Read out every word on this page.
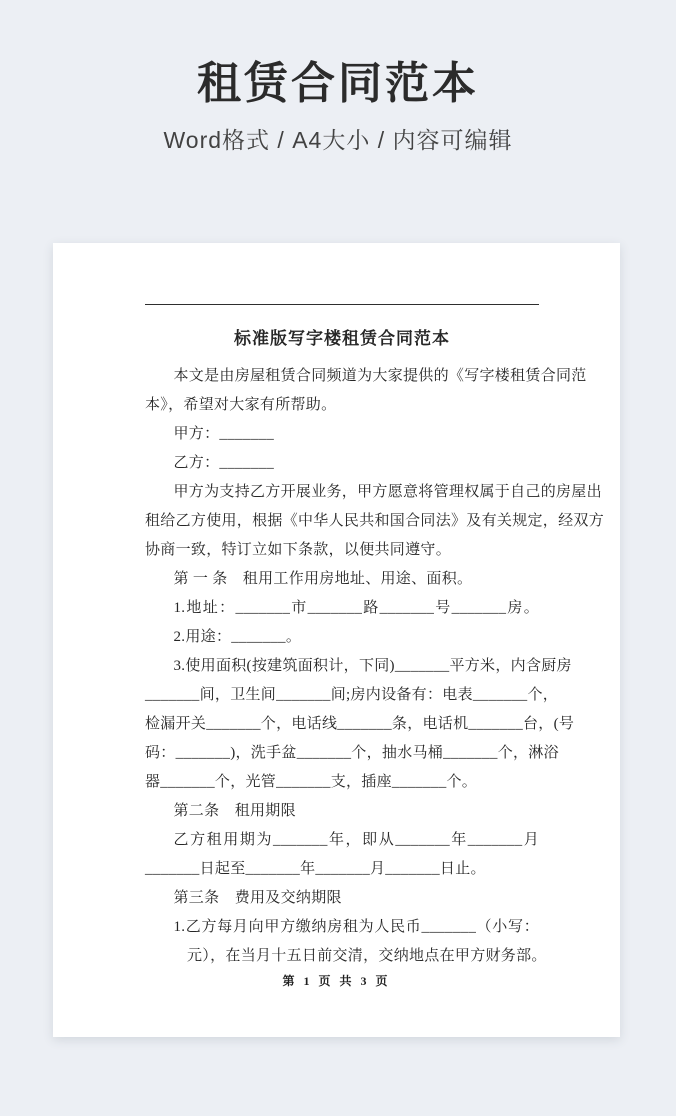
租赁合同范本
Word格式 / A4大小 / 内容可编辑
标准版写字楼租赁合同范本
本文是由房屋租赁合同频道为大家提供的《写字楼租赁合同范
本》，希望对大家有所帮助。
甲方：_______
乙方：_______
甲方为支持乙方开展业务，甲方愿意将管理权属于自己的房屋出
租给乙方使用，根据《中华人民共和国合同法》及有关规定，经双方
协商一致，特订立如下条款，以便共同遵守。
第 一 条　租用工作用房地址、用途、面积。
1.地址：_______市_______路_______号_______房。
2.用途：_______。
3.使用面积(按建筑面积计，下同)_______平方米，内含厨房
_______间，卫生间_______间;房内设备有：电表_______个，
检漏开关_______个，电话线_______条，电话机_______台，(号
码：_______)，洗手盆_______个，抽水马桶_______个，淋浴
器_______个，光管_______支，插座_______个。
第二条　租用期限
乙方租用期为_______年，即从_______年_______月
_______日起至_______年_______月_______日止。
第三条　费用及交纳期限
1.乙方每月向甲方缴纳房租为人民币_______（小写：
元），在当月十五日前交清，交纳地点在甲方财务部。
第 1 页 共 3 页
